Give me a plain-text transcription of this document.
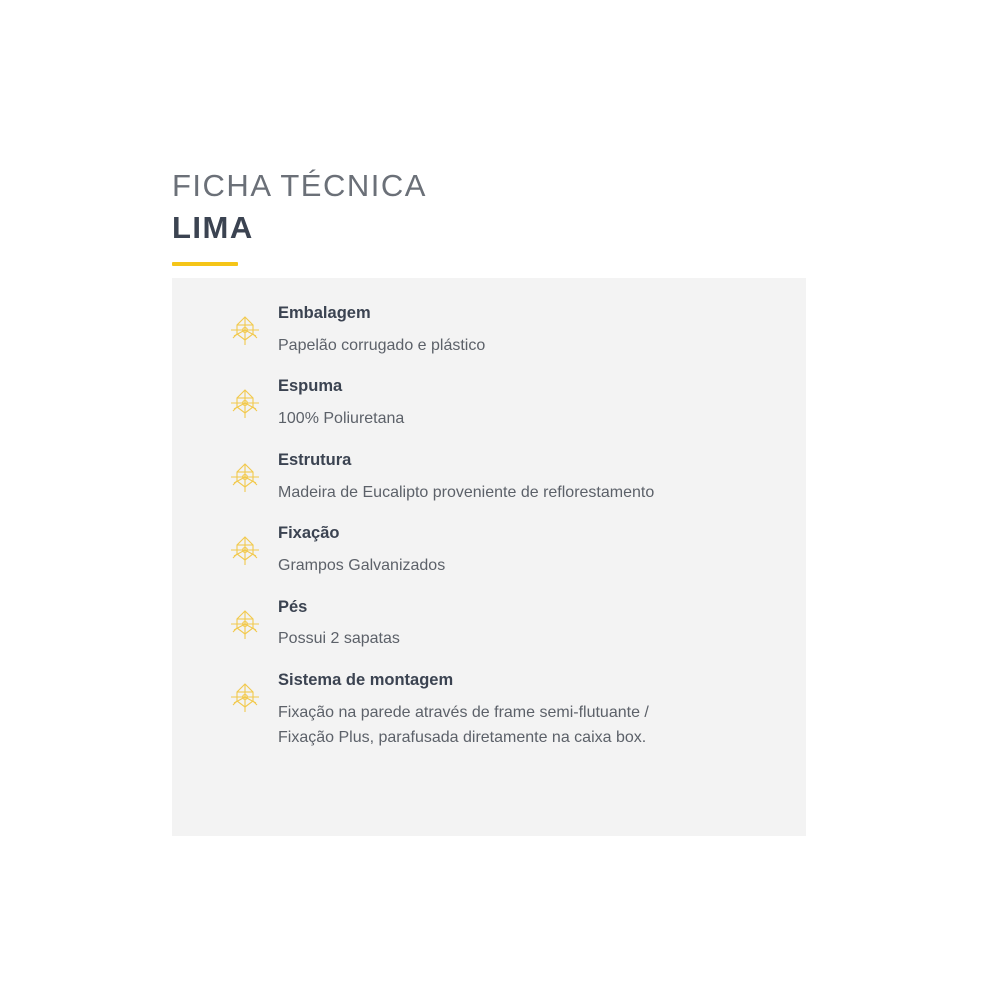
FICHA TÉCNICA
LIMA
Embalagem
Papelão corrugado e plástico
Espuma
100% Poliuretana
Estrutura
Madeira de Eucalipto proveniente de reflorestamento
Fixação
Grampos Galvanizados
Pés
Possui 2 sapatas
Sistema de montagem
Fixação na parede através de frame semi-flutuante /
Fixação Plus, parafusada diretamente na caixa box.
